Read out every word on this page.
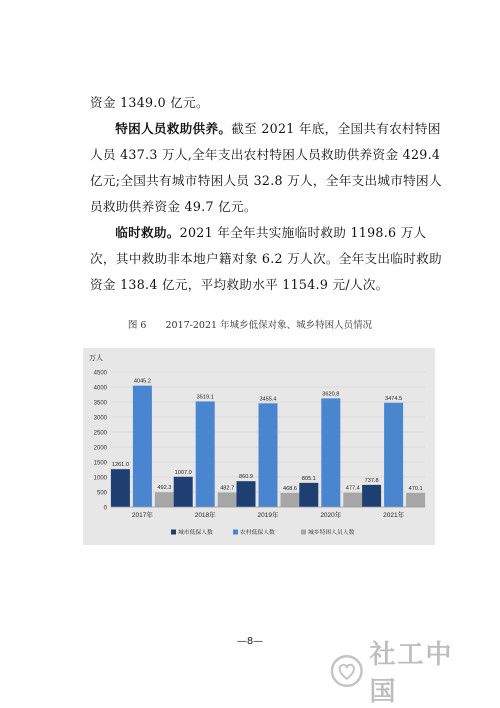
资金 1349.0 亿元。

特困人员救助供养。截至 2021 年底，全国共有农村特困人员 437.3 万人,全年支出农村特困人员救助供养资金 429.4 亿元;全国共有城市特困人员 32.8 万人，全年支出城市特困人员救助供养资金 49.7 亿元。

临时救助。2021 年全年共实施临时救助 1198.6 万人次，其中救助非本地户籍对象 6.2 万人次。全年支出临时救助资金 138.4 亿元，平均救助水平 1154.9 元/人次。

图 6 2017-2021 年城乡低保对象、城乡特困人员情况
万人
0
500
1000
1500
2000
2500
3000
3500
4000
4500
1261.0
4045.2
492.3
2017年
1007.0
3519.1
482.7
2018年
860.9
3455.4
468.6
2019年
805.1
3620.8
477.4
2020年
737.8
3474.5
470.1
2021年
城市低保人数	农村低保人数	城乡特困人员人数
—8—	社工中国
